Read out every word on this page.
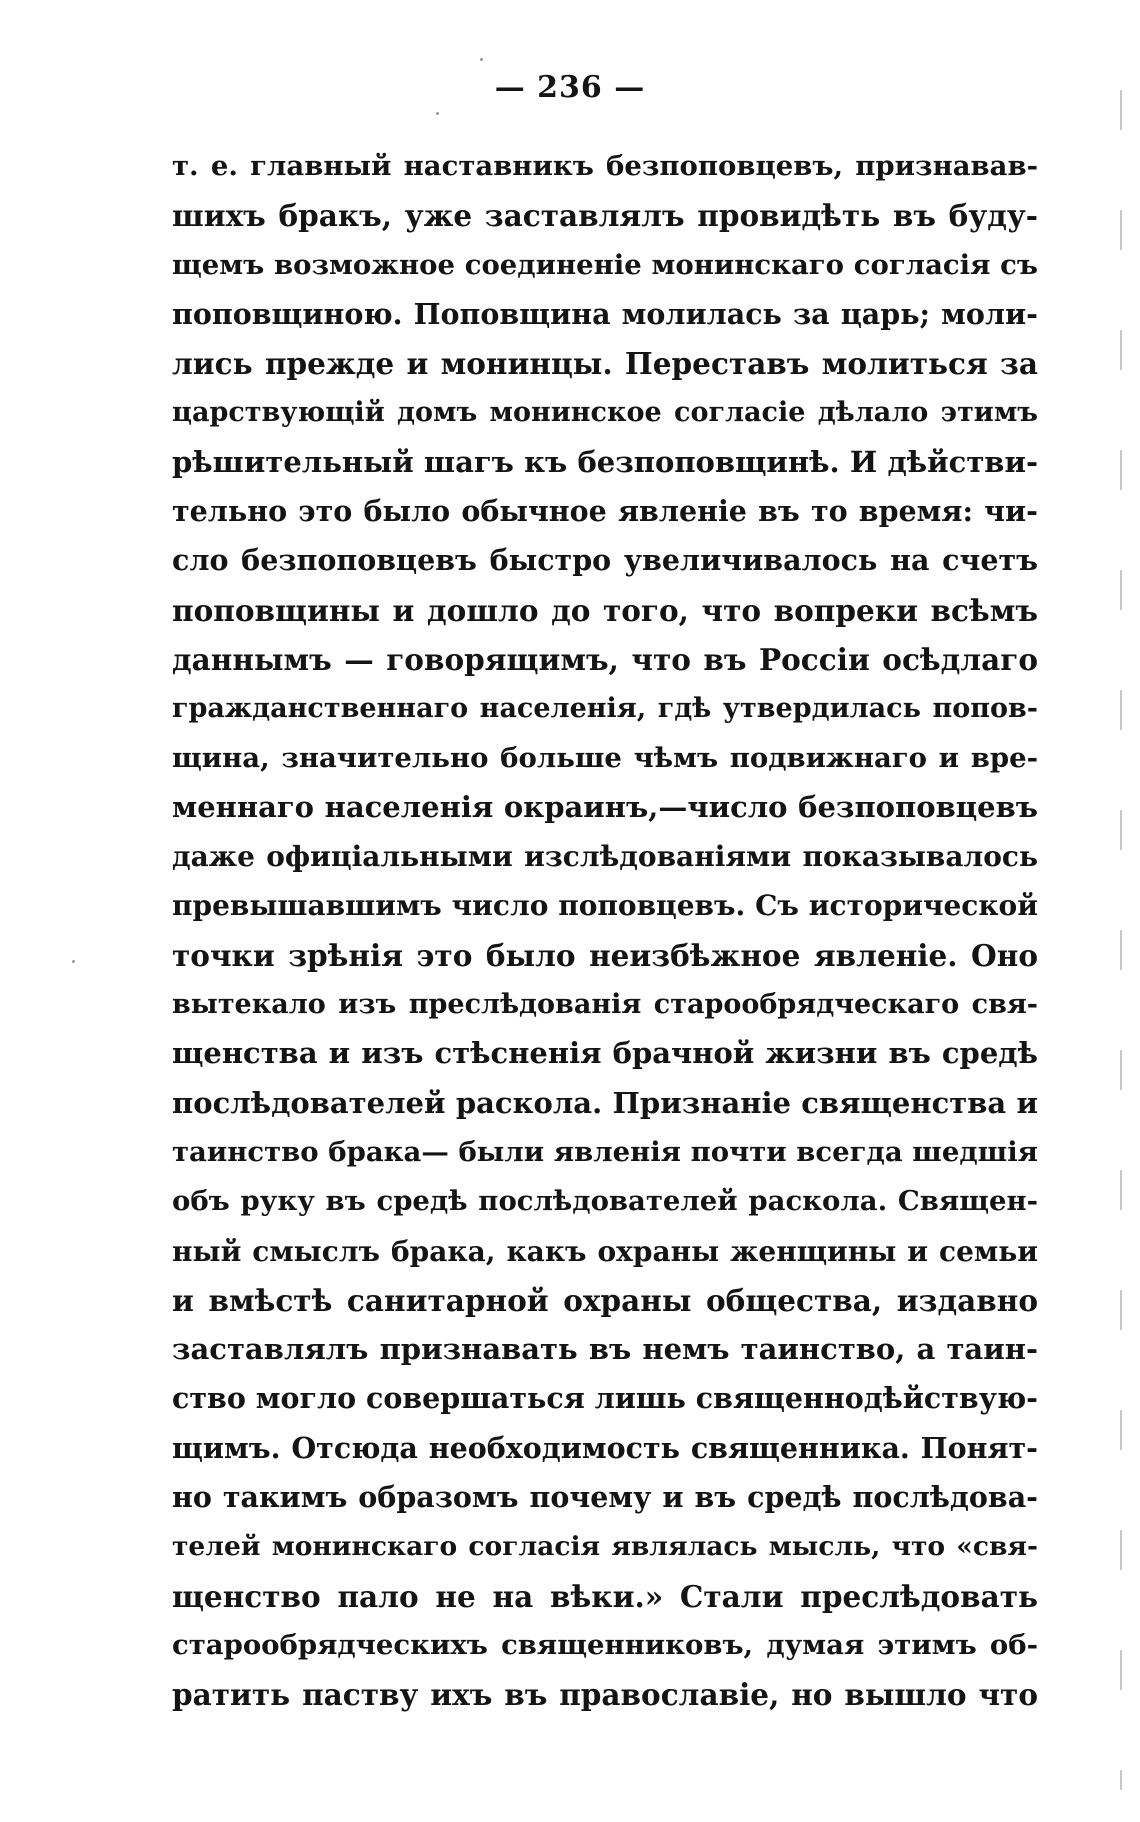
— 236 —
т. е. главный наставникъ безпоповцевъ, признавав-
шихъ бракъ, уже заставлялъ провидѣть въ буду-
щемъ возможное соединеніе монинскаго согласія съ
поповщиною. Поповщина молилась за царь; моли-
лись прежде и монинцы. Переставъ молиться за
царствующій домъ монинское согласіе дѣлало этимъ
рѣшительный шагъ къ безпоповщинѣ. И дѣйстви-
тельно это было обычное явленіе въ то время: чи-
сло безпоповцевъ быстро увеличивалось на счетъ
поповщины и дошло до того, что вопреки всѣмъ
даннымъ — говорящимъ, что въ Россіи осѣдлаго
гражданственнаго населенія, гдѣ утвердилась попов-
щина, значительно больше чѣмъ подвижнаго и вре-
меннаго населенія окраинъ,—число безпоповцевъ
даже офиціальными изслѣдованіями показывалось
превышавшимъ число поповцевъ. Съ исторической
точки зрѣнія это было неизбѣжное явленіе. Оно
вытекало изъ преслѣдованія старообрядческаго свя-
щенства и изъ стѣсненія брачной жизни въ средѣ
послѣдователей раскола. Признаніе священства и
таинство брака— были явленія почти всегда шедшія
объ руку въ средѣ послѣдователей раскола. Священ-
ный смыслъ брака, какъ охраны женщины и семьи
и вмѣстѣ санитарной охраны общества, издавно
заставлялъ признавать въ немъ таинство, а таин-
ство могло совершаться лишь священнодѣйствую-
щимъ. Отсюда необходимость священника. Понят-
но такимъ образомъ почему и въ средѣ послѣдова-
телей монинскаго согласія являлась мысль, что «свя-
щенство пало не на вѣки.» Стали преслѣдовать
старообрядческихъ священниковъ, думая этимъ об-
ратить паству ихъ въ православіе, но вышло что
